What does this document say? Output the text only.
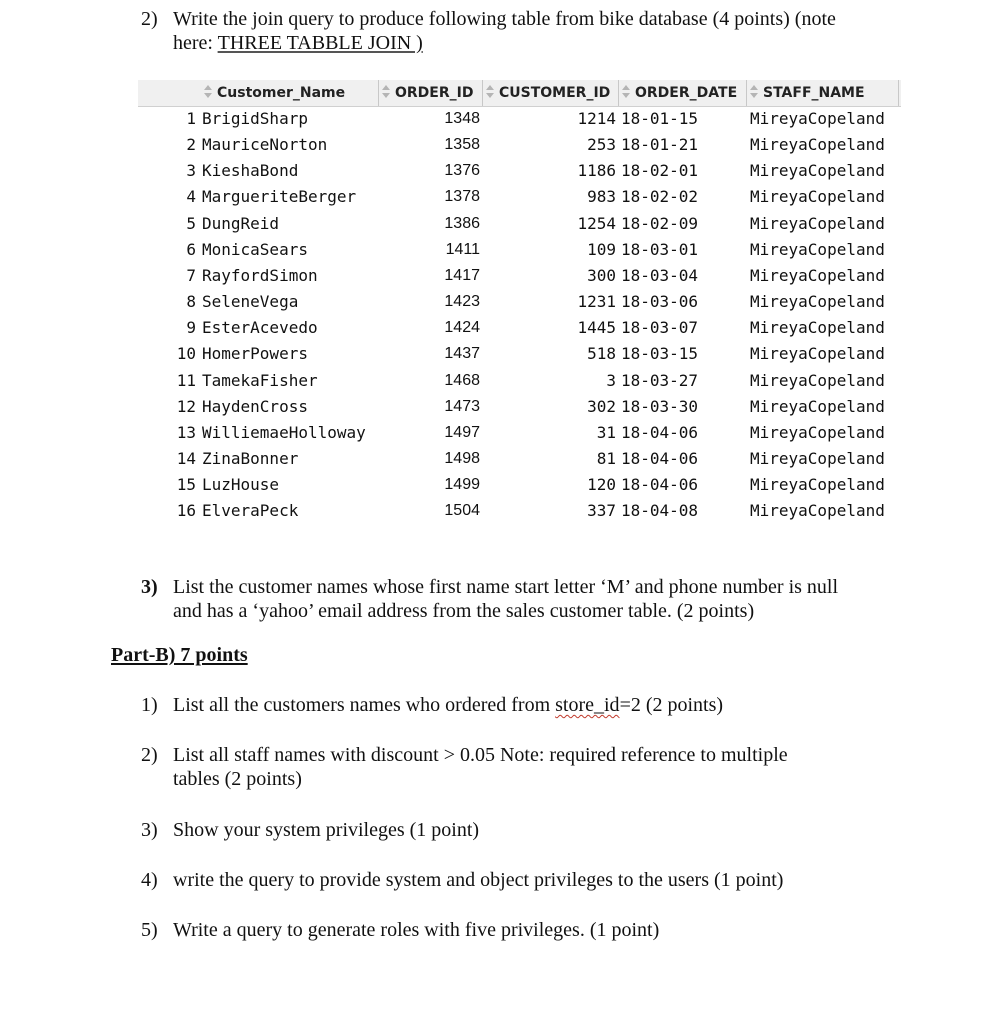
2) Write the join query to produce following table from bike database (4 points) (note
here: THREE TABBLE JOIN )
Customer_Name	ORDER_ID	CUSTOMER_ID	ORDER_DATE	STAFF_NAME
1 BrigidSharp	1348	1214 18-01-15	MireyaCopeland
2 MauriceNorton	1358	253 18-01-21	MireyaCopeland
3 KieshaBond	1376	1186 18-02-01	MireyaCopeland
4 MargueriteBerger	1378	983 18-02-02	MireyaCopeland
5 DungReid	1386	1254 18-02-09	MireyaCopeland
6 MonicaSears	1411	109 18-03-01	MireyaCopeland
7 RayfordSimon	1417	300 18-03-04	MireyaCopeland
8 SeleneVega	1423	1231 18-03-06	MireyaCopeland
9 EsterAcevedo	1424	1445 18-03-07	MireyaCopeland
10 HomerPowers	1437	518 18-03-15	MireyaCopeland
11 TamekaFisher	1468	3 18-03-27	MireyaCopeland
12 HaydenCross	1473	302 18-03-30	MireyaCopeland
13 WilliemaeHolloway	1497	31 18-04-06	MireyaCopeland
14 ZinaBonner	1498	81 18-04-06	MireyaCopeland
15 LuzHouse	1499	120 18-04-06	MireyaCopeland
16 ElveraPeck	1504	337 18-04-08	MireyaCopeland
3) List the customer names whose first name start letter ‘M’ and phone number is null
and has a ‘yahoo’ email address from the sales customer table. (2 points)
Part-B) 7 points
1) List all the customers names who ordered from store_id=2 (2 points)
2) List all staff names with discount > 0.05 Note: required reference to multiple
tables (2 points)
3) Show your system privileges (1 point)
4) write the query to provide system and object privileges to the users (1 point)
5) Write a query to generate roles with five privileges. (1 point)
